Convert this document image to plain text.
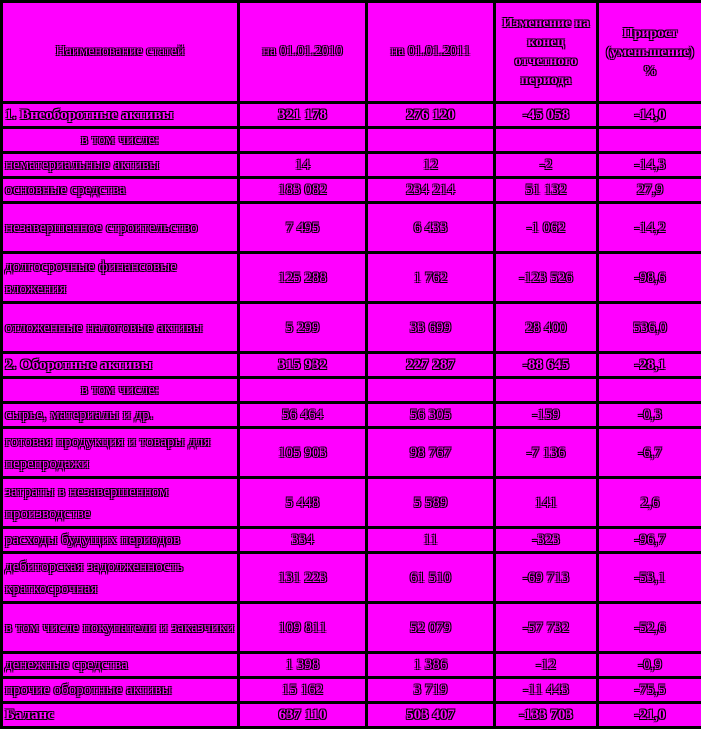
Наименование статей	на 01.01.2010	на 01.01.2011	Изменение на конец отчетного периода	Прирост (уменьшение) %
1. Внеоборотные активы	321 178	276 120	-45 058	-14,0
в том числе:				
нематериальные активы	14	12	-2	-14,3
основные средства	183 082	234 214	51 132	27,9
незавершенное строительство	7 495	6 433	-1 062	-14,2
долгосрочные финансовые вложения	125 288	1 762	-123 526	-98,6
отложенные налоговые активы	5 299	33 699	28 400	536,0
2. Оборотные активы	315 932	227 287	-88 645	-28,1
в том числе:				
сырье, материалы и др.	56 464	56 305	-159	-0,3
готовая продукция и товары для перепродажи	105 903	98 767	-7 136	-6,7
затраты в незавершенном производстве	5 448	5 589	141	2,6
расходы будущих периодов	334	11	-323	-96,7
дебиторская задолженность краткосрочная	131 223	61 510	-69 713	-53,1
в том числе покупатели и заказчики	109 811	52 079	-57 732	-52,6
денежные средства	1 398	1 386	-12	-0,9
прочие оборотные активы	15 162	3 719	-11 443	-75,5
Баланс	637 110	503 407	-133 703	-21,0
